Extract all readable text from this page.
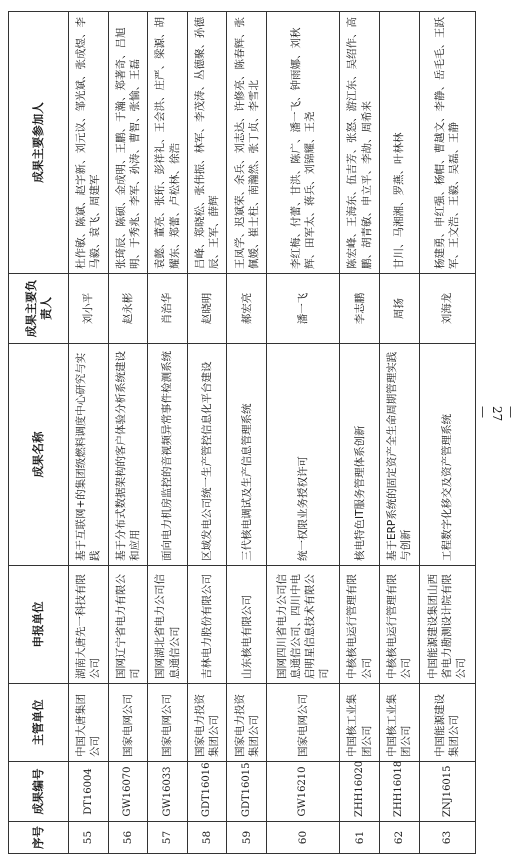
—27—
序号	成果编号	主管单位	申报单位	成果名称	成果主要负责人	成果主要参加人
55	DT16004	中国大唐集团公司	湖南大唐先一科技有限公司	基于互联网+的集团级燃料调度中心研究与实践	刘小平	杜作敏、陈斌、赵宇新、刘元议、邹光斌、张成煜、李马毅、袁飞、周建军
56	GW16070	国家电网公司	国网辽宁省电力有限公司	基于分布式数据架构的客户体验分析系统建设和应用	赵永彬	张琦辰、陈硕、金成明、王鹏、于瀚、郑著奇、吕旭明、于秀兆、李军、孙涛、曹智、张愉、王磊
57	GW16033	国家电网公司	国网湖北省电力公司信息通信公司	面向电力机房监控的音视频异常事件检测系统	肖治华	袁懿、董亮、张珩、彭祥礼、王会洪、庄严、梁源、胡耀东、郑蕾、卢松林、徐浩
58	GDT16016	国家电力投资集团公司	吉林电力股份有限公司	区域发电公司统一生产管控信息化平台建设	赵晓明	吕峰、郑晓松、张伟振、林军、李茂涛、丛德聚、孙德辰、王军、薛辉
59	GDT16015	国家电力投资集团公司	山东核电有限公司	三代核电调试及生产信息管理系统	郝宏亮	王凤学、迟斌荣、余兵、刘志达、许修亮、陈春辉、张佩媛、崔士柱、南瀚然、张丁贞、李雪北
60	GW16210	国家电网公司	国网四川省电力公司信息通信公司、四川中电启明星信息技术有限公司	统一权限业务授权许可	潘一飞	李红梅、付蕾、甘洪、陈广、潘一飞、钟雨娜、刘秋辉、田军太、蒋兵、刘锦耀、王尧
61	ZHH16020	中国核工业集团公司	中核核电运行管理有限公司	核电特色IT服务管理体系创新	李志鹏	陈宏峰、王海东、伍吉芳、张怒、游江东、吴绍作、高鹏、胡青敏、申立平、李劼、周希来
62	ZHH16018	中国核工业集团公司	中核核电运行管理有限公司	基于ERP系统的固定资产全生命周期管理实践与创新	周扬	甘川、马湘湘、罗燕、叶林林
63	ZNJ16015	中国能源建设集团公司	中国能源建设集团山西省电力勘测设计院有限公司	工程数字化移交及资产管理系统	刘海龙	杨建勇、申红强、杨帽、曹越文、李静、岳毛毛、王跃军、王文浩、王毅、吴磊、王静
